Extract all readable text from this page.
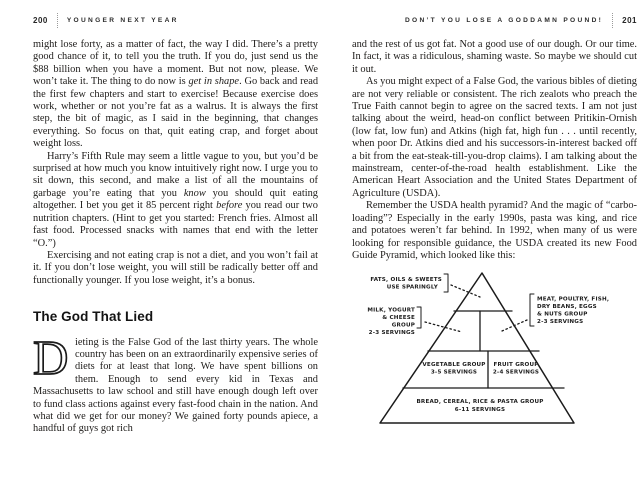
200	YOUNGER NEXT YEAR

might lose forty, as a matter of fact, the way I did. There’s a pretty good chance of it, to tell you the truth. If you do, just send us the $88 billion when you have a moment. But not now, please. We won’t take it. The thing to do now is get in shape. Go back and read the first few chapters and start to exercise! Because exercise does work, whether or not you’re fat as a walrus. It is always the first step, the bit of magic, as I said in the beginning, that changes everything. So focus on that, quit eating crap, and forget about weight loss.

Harry’s Fifth Rule may seem a little vague to you, but you’d be surprised at how much you know intuitively right now. I urge you to sit down, this second, and make a list of all the mountains of garbage you’re eating that you know you should quit eating altogether. I bet you get it 85 percent right before you read our two nutrition chapters. (Hint to get you started: French fries. Almost all fast food. Processed snacks with names that end with the letter “O.”)

Exercising and not eating crap is not a diet, and you won’t fail at it. If you don’t lose weight, you will still be radically better off and functionally younger. If you lose weight, it’s a bonus.

The God That Lied

D ieting is the False God of the last thirty years. The whole country has been on an extraordinarily expensive series of diets for at least that long. We have spent billions on them. Enough to send every kid in Texas and Massachusetts to law school and still have enough dough left over to fund class actions against every fast-food chain in the nation. And what did we get for our money? We gained forty pounds apiece, a handful of guys got rich

DON’T YOU LOSE A GODDAMN POUND! 201

and the rest of us got fat. Not a good use of our dough. Or our time. In fact, it was a ridiculous, shaming waste. So maybe we should cut it out.

As you might expect of a False God, the various bibles of dieting are not very reliable or consistent. The rich zealots who preach the True Faith cannot begin to agree on the sacred texts. I am not just talking about the weird, head-on conflict between Pritikin-Ornish (low fat, low fun) and Atkins (high fat, high fun . . . until recently, when poor Dr. Atkins died and his successors-in-interest backed off a bit from the eat-steak-till-you-drop claims). I am talking about the mainstream, center-of-the-road health establishment. Like the American Heart Association and the United States Department of Agriculture (USDA).

Remember the USDA health pyramid? And the magic of “carbo-loading”? Especially in the early 1990s, pasta was king, and rice and potatoes weren’t far behind. In 1992, when many of us were looking for responsible guidance, the USDA created its new Food Guide Pyramid, which looked like this:

FATS, OILS & SWEETS
USE SPARINGLY
MILK, YOGURT
& CHEESE
GROUP
2-3 SERVINGS
MEAT, POULTRY, FISH,
DRY BEANS, EGGS
& NUTS GROUP
2-3 SERVINGS
VEGETABLE GROUP
3-5 SERVINGS
FRUIT GROUP
2-4 SERVINGS
BREAD, CEREAL, RICE & PASTA GROUP
6-11 SERVINGS
